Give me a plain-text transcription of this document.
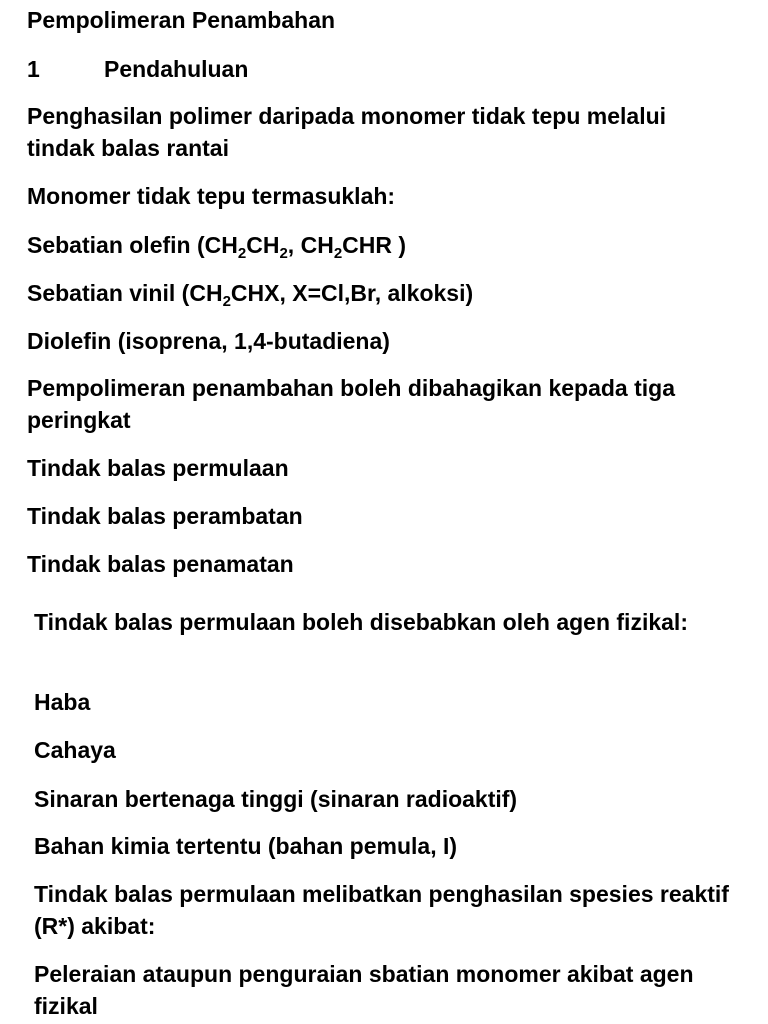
Pempolimeran Penambahan

1	Pendahuluan

Penghasilan polimer daripada monomer tidak tepu melalui tindak balas rantai

Monomer tidak tepu termasuklah:

Sebatian olefin ($CH_2CH_2$, $CH_2CHR$ )

Sebatian vinil ($CH_2CHX$, X=Cl,Br, alkoksi)

Diolefin (isoprena, 1,4-butadiena)

Pempolimeran penambahan boleh dibahagikan kepada tiga peringkat

Tindak balas permulaan

Tindak balas perambatan

Tindak balas penamatan

Tindak balas permulaan boleh disebabkan oleh agen fizikal:

Haba

Cahaya

Sinaran bertenaga tinggi (sinaran radioaktif)

Bahan kimia tertentu (bahan pemula, I)

Tindak balas permulaan melibatkan penghasilan spesies reaktif (R*) akibat:

Peleraian ataupun penguraian sbatian monomer akibat agen fizikal
